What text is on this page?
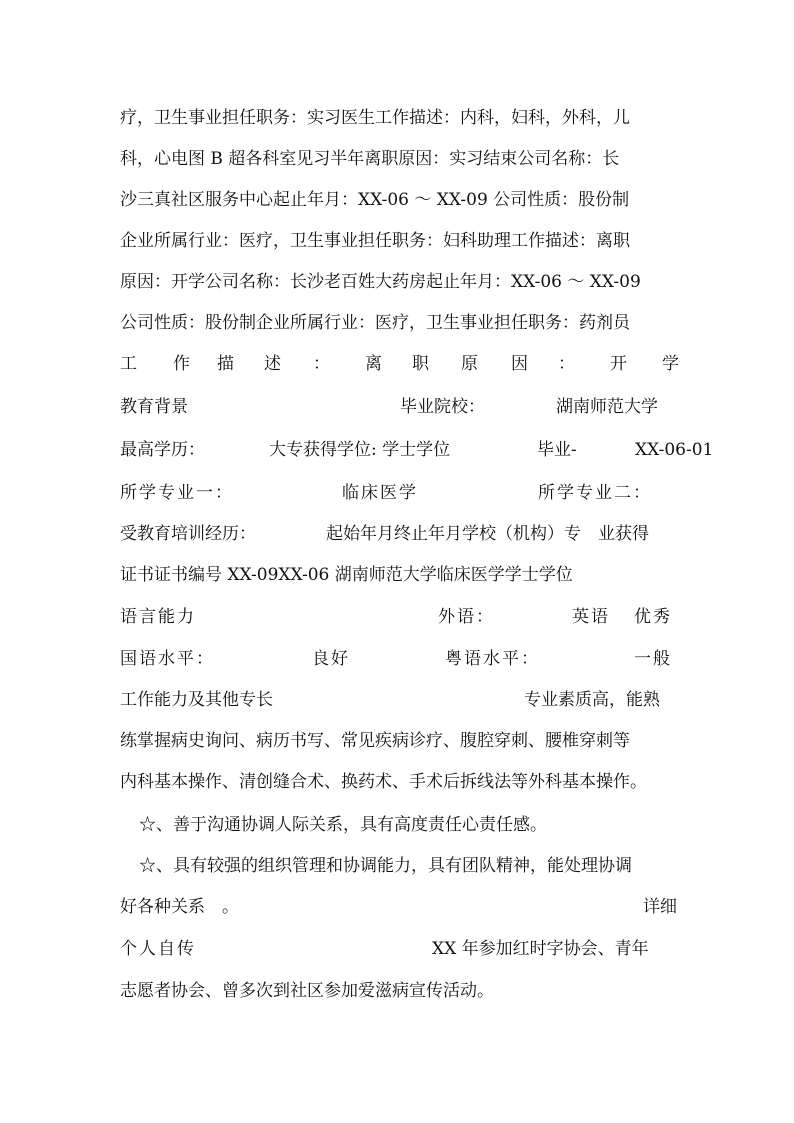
疗，卫生事业担任职务：实习医生工作描述：内科，妇科，外科，儿
科，心电图 B 超各科室见习半年离职原因：实习结束公司名称：长
沙三真社区服务中心起止年月：XX-06 ～ XX-09 公司性质：股份制
企业所属行业：医疗，卫生事业担任职务：妇科助理工作描述：离职
原因：开学公司名称：长沙老百姓大药房起止年月：XX-06 ～ XX-09
公司性质：股份制企业所属行业：医疗，卫生事业担任职务：药剂员
工 作 描 述 ： 离 职 原 因 ： 开 学
教育背景	毕业院校：	湖南师范大学
最高学历：	大专获得学位: 学士学位	毕业-	XX-06-01
所学专业一：	临床医学	所学专业二：
受教育培训经历：	起始年月终止年月学校（机构）专　业获得
证书证书编号 XX-09XX-06 湖南师范大学临床医学学士学位
语言能力	外语：	英语 优秀
国语水平：	良好	粤语水平：	一般
工作能力及其他专长	专业素质高，能熟
练掌握病史询问、病历书写、常见疾病诊疗、腹腔穿刺、腰椎穿刺等
内科基本操作、清创缝合术、换药术、手术后拆线法等外科基本操作。
☆、善于沟通协调人际关系，具有高度责任心责任感。
☆、具有较强的组织管理和协调能力，具有团队精神，能处理协调
好各种关系　。	详细
个人自传	XX 年参加红时字协会、青年
志愿者协会、曾多次到社区参加爱滋病宣传活动。
